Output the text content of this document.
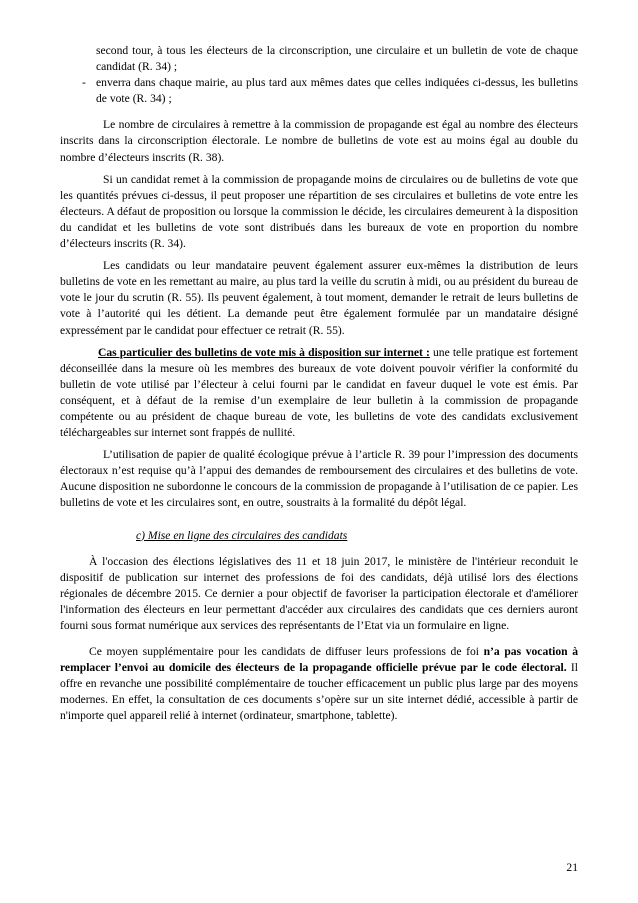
second tour, à tous les électeurs de la circonscription, une circulaire et un bulletin de vote de chaque candidat (R. 34) ;
- enverra dans chaque mairie, au plus tard aux mêmes dates que celles indiquées ci-dessus, les bulletins de vote (R. 34) ;

Le nombre de circulaires à remettre à la commission de propagande est égal au nombre des électeurs inscrits dans la circonscription électorale. Le nombre de bulletins de vote est au moins égal au double du nombre d’électeurs inscrits (R. 38).

Si un candidat remet à la commission de propagande moins de circulaires ou de bulletins de vote que les quantités prévues ci-dessus, il peut proposer une répartition de ses circulaires et bulletins de vote entre les électeurs. A défaut de proposition ou lorsque la commission le décide, les circulaires demeurent à la disposition du candidat et les bulletins de vote sont distribués dans les bureaux de vote en proportion du nombre d’électeurs inscrits (R. 34).

Les candidats ou leur mandataire peuvent également assurer eux-mêmes la distribution de leurs bulletins de vote en les remettant au maire, au plus tard la veille du scrutin à midi, ou au président du bureau de vote le jour du scrutin (R. 55). Ils peuvent également, à tout moment, demander le retrait de leurs bulletins de vote à l’autorité qui les détient. La demande peut être également formulée par un mandataire désigné expressément par le candidat pour effectuer ce retrait (R. 55).

Cas particulier des bulletins de vote mis à disposition sur internet : une telle pratique est fortement déconseillée dans la mesure où les membres des bureaux de vote doivent pouvoir vérifier la conformité du bulletin de vote utilisé par l’électeur à celui fourni par le candidat en faveur duquel le vote est émis. Par conséquent, et à défaut de la remise d’un exemplaire de leur bulletin à la commission de propagande compétente ou au président de chaque bureau de vote, les bulletins de vote des candidats exclusivement téléchargeables sur internet sont frappés de nullité.

L’utilisation de papier de qualité écologique prévue à l’article R. 39 pour l’impression des documents électoraux n’est requise qu’à l’appui des demandes de remboursement des circulaires et des bulletins de vote. Aucune disposition ne subordonne le concours de la commission de propagande à l’utilisation de ce papier. Les bulletins de vote et les circulaires sont, en outre, soustraits à la formalité du dépôt légal.

c) Mise en ligne des circulaires des candidats

À l'occasion des élections législatives des 11 et 18 juin 2017, le ministère de l'intérieur reconduit le dispositif de publication sur internet des professions de foi des candidats, déjà utilisé lors des élections régionales de décembre 2015. Ce dernier a pour objectif de favoriser la participation électorale et d'améliorer l'information des électeurs en leur permettant d'accéder aux circulaires des candidats que ces derniers auront fourni sous format numérique aux services des représentants de l’Etat via un formulaire en ligne.

Ce moyen supplémentaire pour les candidats de diffuser leurs professions de foi n’a pas vocation à remplacer l’envoi au domicile des électeurs de la propagande officielle prévue par le code électoral. Il offre en revanche une possibilité complémentaire de toucher efficacement un public plus large par des moyens modernes. En effet, la consultation de ces documents s’opère sur un site internet dédié, accessible à partir de n'importe quel appareil relié à internet (ordinateur, smartphone, tablette).

21
